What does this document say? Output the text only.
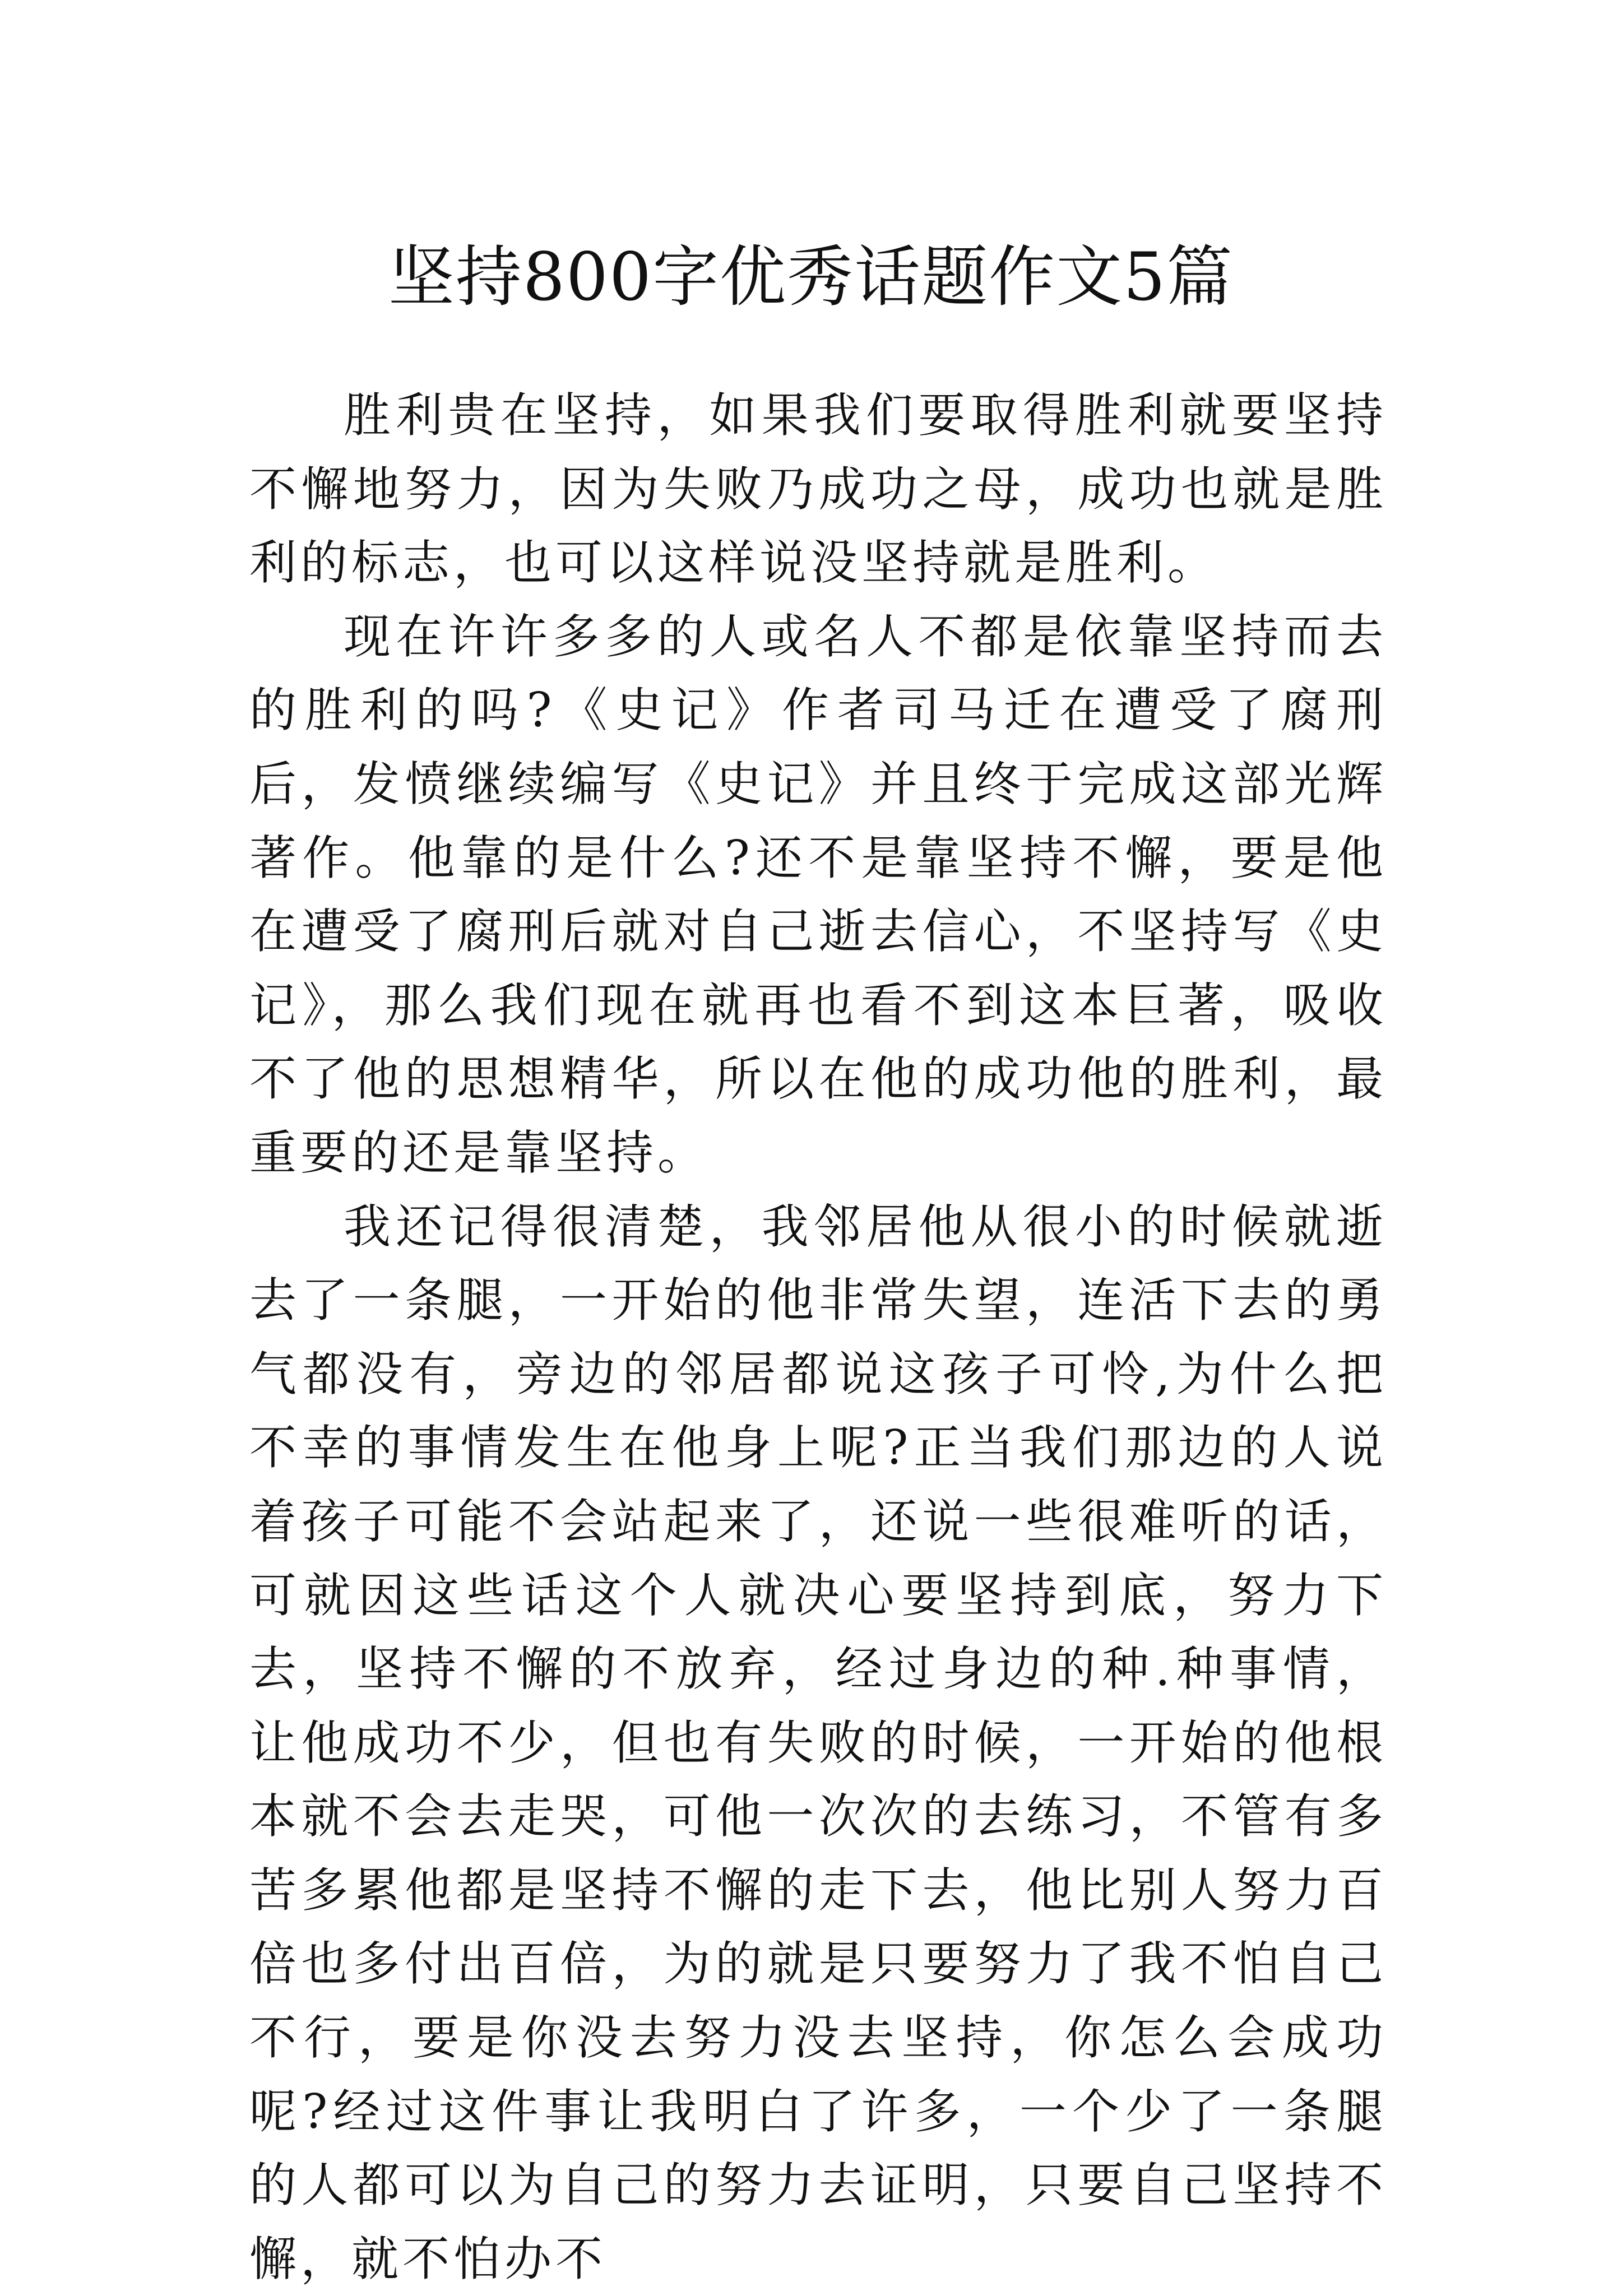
坚持800字优秀话题作文5篇

胜利贵在坚持，如果我们要取得胜利就要坚持不懈地努力，因为失败乃成功之母，成功也就是胜利的标志，也可以这样说没坚持就是胜利。

现在许许多多的人或名人不都是依靠坚持而去的胜利的吗?《史记》作者司马迁在遭受了腐刑后，发愤继续编写《史记》并且终于完成这部光辉著作。他靠的是什么?还不是靠坚持不懈，要是他在遭受了腐刑后就对自己逝去信心，不坚持写《史记》，那么我们现在就再也看不到这本巨著，吸收不了他的思想精华，所以在他的成功他的胜利，最重要的还是靠坚持。

我还记得很清楚，我邻居他从很小的时候就逝去了一条腿，一开始的他非常失望，连活下去的勇气都没有，旁边的邻居都说这孩子可怜,为什么把不幸的事情发生在他身上呢?正当我们那边的人说着孩子可能不会站起来了，还说一些很难听的话，可就因这些话这个人就决心要坚持到底，努力下去，坚持不懈的不放弃，经过身边的种.种事情，让他成功不少，但也有失败的时候，一开始的他根本就不会去走哭，可他一次次的去练习，不管有多苦多累他都是坚持不懈的走下去，他比别人努力百倍也多付出百倍，为的就是只要努力了我不怕自己不行，要是你没去努力没去坚持，你怎么会成功呢?经过这件事让我明白了许多，一个少了一条腿的人都可以为自己的努力去证明，只要自己坚持不懈，就不怕办不
